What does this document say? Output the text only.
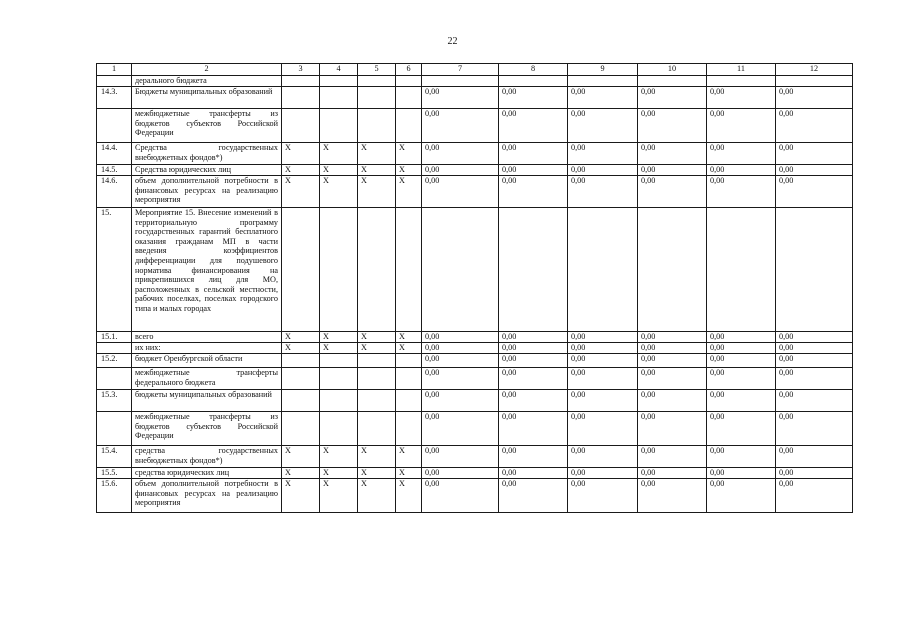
22
1	2	3	4	5	6	7	8	9	10	11	12
	дерального бюджета										
14.3.	Бюджеты муниципальных образований					0,00	0,00	0,00	0,00	0,00	0,00
	межбюджетные трансферты из бюджетов субъектов Российской Федерации					0,00	0,00	0,00	0,00	0,00	0,00
14.4.	Средства государственных внебюджетных фондов*)	Х	Х	Х	Х	0,00	0,00	0,00	0,00	0,00	0,00
14.5.	Средства юридических лиц	Х	Х	Х	Х	0,00	0,00	0,00	0,00	0,00	0,00
14.6.	объем дополнительной потребности в финансовых ресурсах на реализацию мероприятия	Х	Х	Х	Х	0,00	0,00	0,00	0,00	0,00	0,00
15.	Мероприятие 15. Внесение изменений в территориальную программу государственных гарантий бесплатного оказания гражданам МП в части введения коэффициентов дифференциации для подушевого норматива финансирования на прикрепившихся лиц для МО, расположенных в сельской местности, рабочих поселках, поселках городского типа и малых городах										
15.1.	всего	Х	Х	Х	Х	0,00	0,00	0,00	0,00	0,00	0,00
	их них:	Х	Х	Х	Х	0,00	0,00	0,00	0,00	0,00	0,00
15.2.	бюджет Оренбургской области					0,00	0,00	0,00	0,00	0,00	0,00
	межбюджетные трансферты федерального бюджета					0,00	0,00	0,00	0,00	0,00	0,00
15.3.	бюджеты муниципальных образований					0,00	0,00	0,00	0,00	0,00	0,00
	межбюджетные трансферты из бюджетов субъектов Российской Федерации					0,00	0,00	0,00	0,00	0,00	0,00
15.4.	средства государственных внебюджетных фондов*)	Х	Х	Х	Х	0,00	0,00	0,00	0,00	0,00	0,00
15.5.	средства юридических лиц	Х	Х	Х	Х	0,00	0,00	0,00	0,00	0,00	0,00
15.6.	объем дополнительной потребности в финансовых ресурсах на реализацию мероприятия	Х	Х	Х	Х	0,00	0,00	0,00	0,00	0,00	0,00
